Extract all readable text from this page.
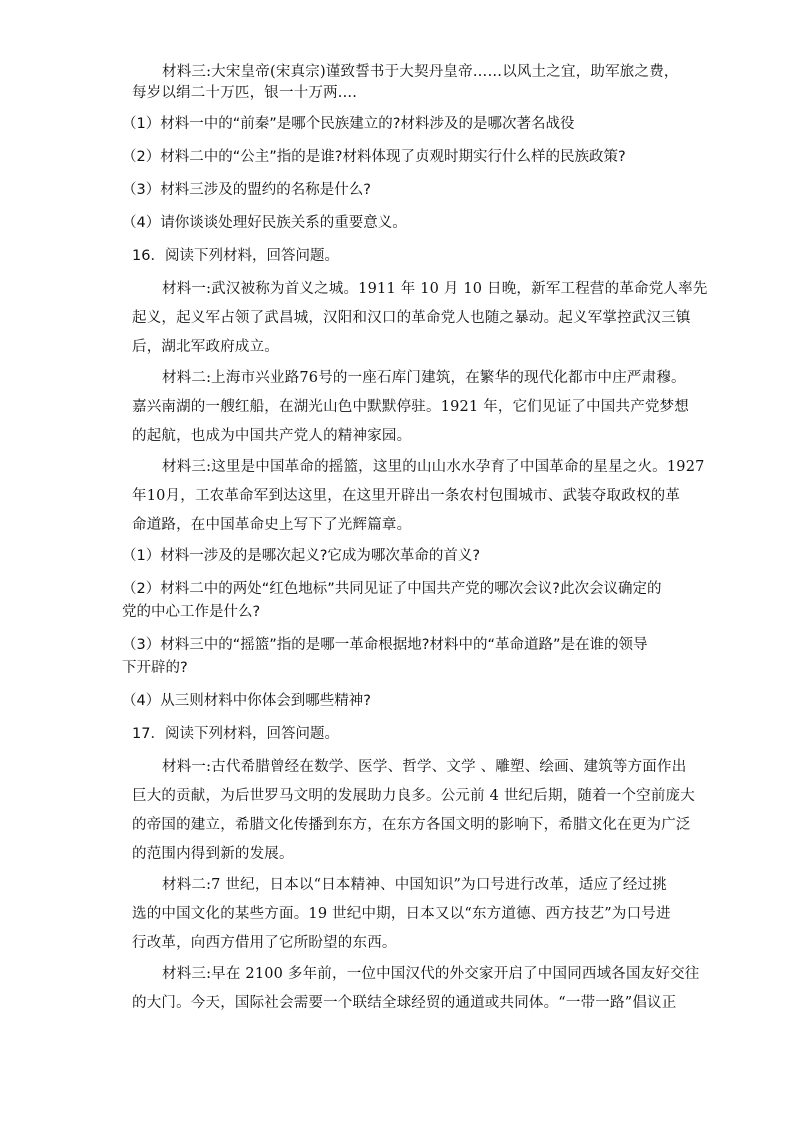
材料三:大宋皇帝(宋真宗)谨致誓书于大契丹皇帝……以风土之宜，助军旅之费，
每岁以绢二十万匹，银一十万两....
（1）材料一中的“前秦”是哪个民族建立的?材料涉及的是哪次著名战役
（2）材料二中的“公主”指的是谁?材料体现了贞观时期实行什么样的民族政策?
（3）材料三涉及的盟约的名称是什么?
（4）请你谈谈处理好民族关系的重要意义。
16．阅读下列材料，回答问题。
材料一:武汉被称为首义之城。1911 年 10 月 10 日晚，新军工程营的革命党人率先
起义，起义军占领了武昌城，汉阳和汉口的革命党人也随之暴动。起义军掌控武汉三镇
后，湖北军政府成立。
材料二:上海市兴业路76号的一座石库门建筑，在繁华的现代化都市中庄严肃穆。
嘉兴南湖的一艘红船，在湖光山色中默默停驻。1921 年，它们见证了中国共产党梦想
的起航，也成为中国共产党人的精神家园。
材料三:这里是中国革命的摇篮，这里的山山水水孕育了中国革命的星星之火。1927
年10月，工农革命军到达这里，在这里开辟出一条农村包围城市、武装夺取政权的革
命道路，在中国革命史上写下了光辉篇章。
（1）材料一涉及的是哪次起义?它成为哪次革命的首义?
（2）材料二中的两处“红色地标”共同见证了中国共产党的哪次会议?此次会议确定的
党的中心工作是什么?
（3）材料三中的“摇篮”指的是哪一革命根据地?材料中的“革命道路”是在谁的领导
下开辟的?
（4）从三则材料中你体会到哪些精神?
17．阅读下列材料，回答问题。
材料一:古代希腊曾经在数学、医学、哲学、文学 、雕塑、绘画、建筑等方面作出
巨大的贡献，为后世罗马文明的发展助力良多。公元前 4 世纪后期，随着一个空前庞大
的帝国的建立，希腊文化传播到东方，在东方各国文明的影响下，希腊文化在更为广泛
的范围内得到新的发展。
材料二:7 世纪，日本以“日本精神、中国知识”为口号进行改革，适应了经过挑
选的中国文化的某些方面。19 世纪中期，日本又以“东方道德、西方技艺”为口号进
行改革，向西方借用了它所盼望的东西。
材料三:早在 2100 多年前，一位中国汉代的外交家开启了中国同西域各国友好交往
的大门。今天，国际社会需要一个联结全球经贸的通道或共同体。“一带一路”倡议正
